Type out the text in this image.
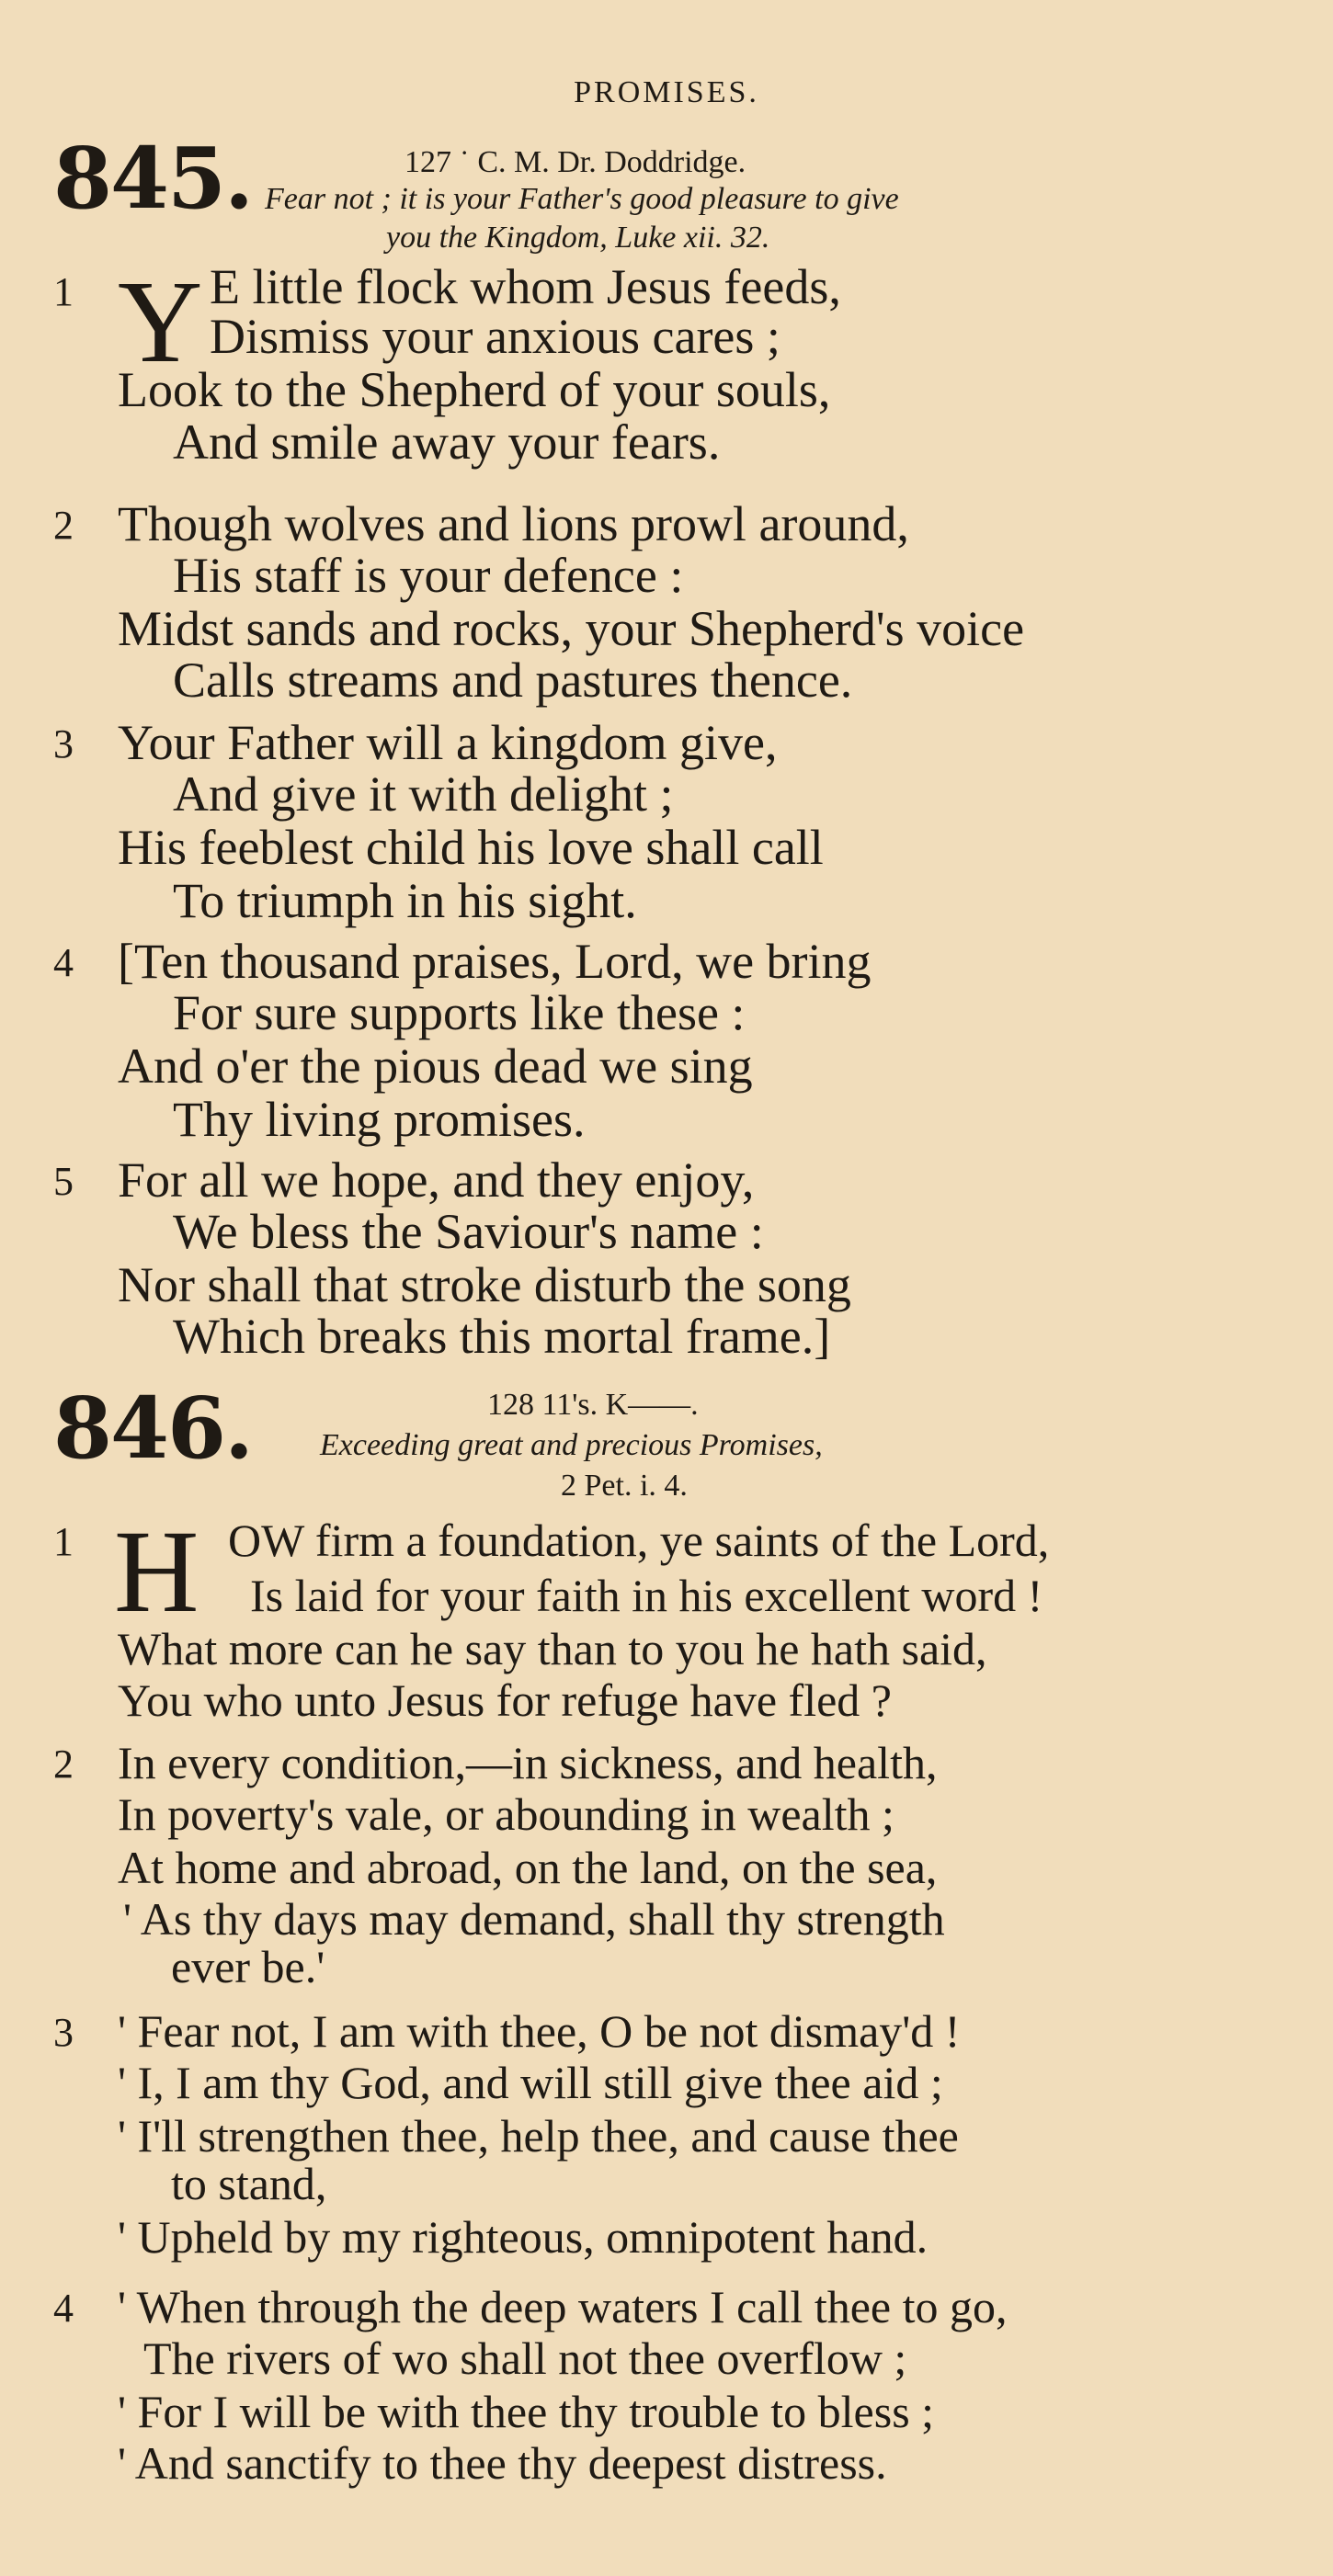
PROMISES.
845.	127 ˙ C. M. Dr. Doddridge.
Fear not ; it is your Father's good pleasure to give
you the Kingdom, Luke xii. 32.
1 Y E little flock whom Jesus feeds,
Dismiss your anxious cares ;
Look to the Shepherd of your souls,
And smile away your fears.
2 Though wolves and lions prowl around,
His staff is your defence :
Midst sands and rocks, your Shepherd's voice
Calls streams and pastures thence.
3 Your Father will a kingdom give,
And give it with delight ;
His feeblest child his love shall call
To triumph in his sight.
4 [Ten thousand praises, Lord, we bring
For sure supports like these :
And o'er the pious dead we sing
Thy living promises.
5 For all we hope, and they enjoy,
We bless the Saviour's name :
Nor shall that stroke disturb the song
Which breaks this mortal frame.]
846.	128 11's. K——.
Exceeding great and precious Promises,
2 Pet. i. 4.
1 H OW firm a foundation, ye saints of the Lord,
Is laid for your faith in his excellent word !
What more can he say than to you he hath said,
You who unto Jesus for refuge have fled ?
2 In every condition,—in sickness, and health,
In poverty's vale, or abounding in wealth ;
At home and abroad, on the land, on the sea,
' As thy days may demand, shall thy strength
ever be.'
3 ' Fear not, I am with thee, O be not dismay'd !
' I, I am thy God, and will still give thee aid ;
' I'll strengthen thee, help thee, and cause thee
to stand,
' Upheld by my righteous, omnipotent hand.
4 ' When through the deep waters I call thee to go,
The rivers of wo shall not thee overflow ;
' For I will be with thee thy trouble to bless ;
' And sanctify to thee thy deepest distress.
